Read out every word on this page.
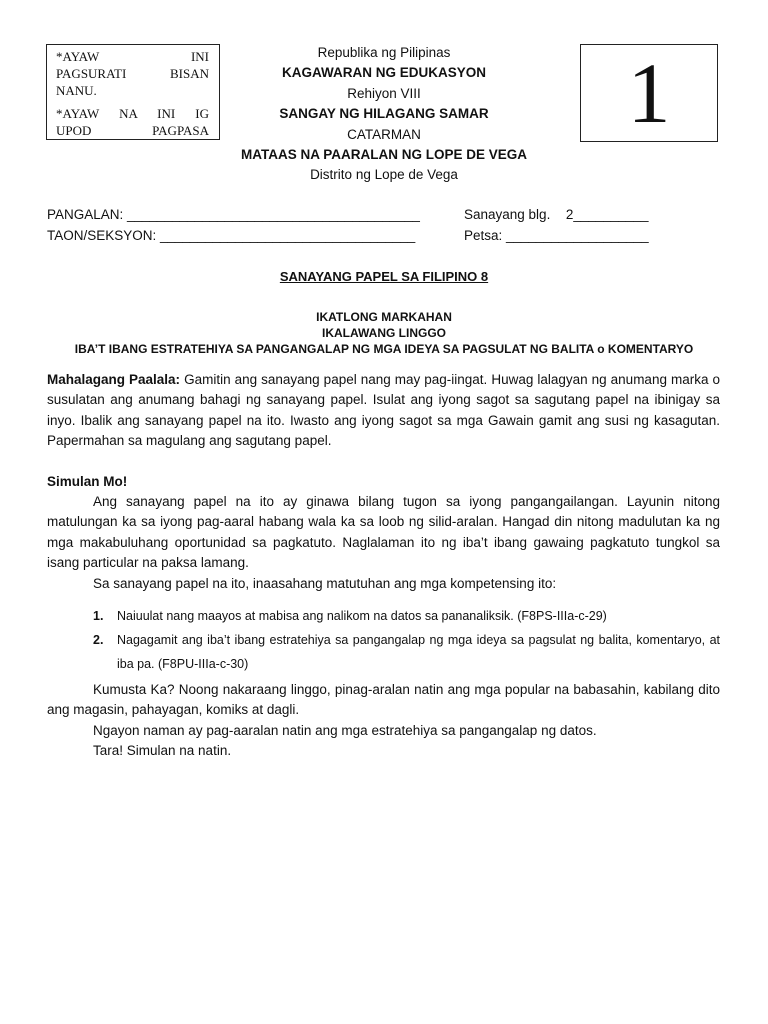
*AYAW INI
PAGSURATI BISAN
NANU.
*AYAW NA INI IG
UPOD PAGPASA
Republika ng Pilipinas
KAGAWARAN NG EDUKASYON
Rehiyon VIII
SANGAY NG HILAGANG SAMAR
CATARMAN
MATAAS NA PAARALAN NG LOPE DE VEGA
Distrito ng Lope de Vega
1
PANGALAN: _______________________________________
TAON/SEKSYON: __________________________________
Sanayang blg. 2__________
Petsa: ___________________
SANAYANG PAPEL SA FILIPINO 8
IKATLONG MARKAHAN
IKALAWANG LINGGO
IBA’T IBANG ESTRATEHIYA SA PANGANGALAP NG MGA IDEYA SA PAGSULAT NG BALITA o KOMENTARYO

Mahalagang Paalala: Gamitin ang sanayang papel nang may pag-iingat. Huwag lalagyan ng anumang marka o susulatan ang anumang bahagi ng sanayang papel. Isulat ang iyong sagot sa sagutang papel na ibinigay sa inyo. Ibalik ang sanayang papel na ito. Iwasto ang iyong sagot sa mga Gawain gamit ang susi ng kasagutan. Papermahan sa magulang ang sagutang papel.

Simulan Mo!

Ang sanayang papel na ito ay ginawa bilang tugon sa iyong pangangailangan. Layunin nitong matulungan ka sa iyong pag-aaral habang wala ka sa loob ng silid-aralan. Hangad din nitong madulutan ka ng mga makabuluhang oportunidad sa pagkatuto. Naglalaman ito ng iba’t ibang gawaing pagkatuto tungkol sa isang particular na paksa lamang.

Sa sanayang papel na ito, inaasahang matutuhan ang mga kompetensing ito:

1.	Naiuulat nang maayos at mabisa ang nalikom na datos sa pananaliksik. (F8PS-IIIa-c-29)
2.	Nagagamit ang iba’t ibang estratehiya sa pangangalap ng mga ideya sa pagsulat ng balita, komentaryo, at iba pa. (F8PU-IIIa-c-30)

Kumusta Ka? Noong nakaraang linggo, pinag-aralan natin ang mga popular na babasahin, kabilang dito ang magasin, pahayagan, komiks at dagli.

Ngayon naman ay pag-aaralan natin ang mga estratehiya sa pangangalap ng datos.

Tara! Simulan na natin.
